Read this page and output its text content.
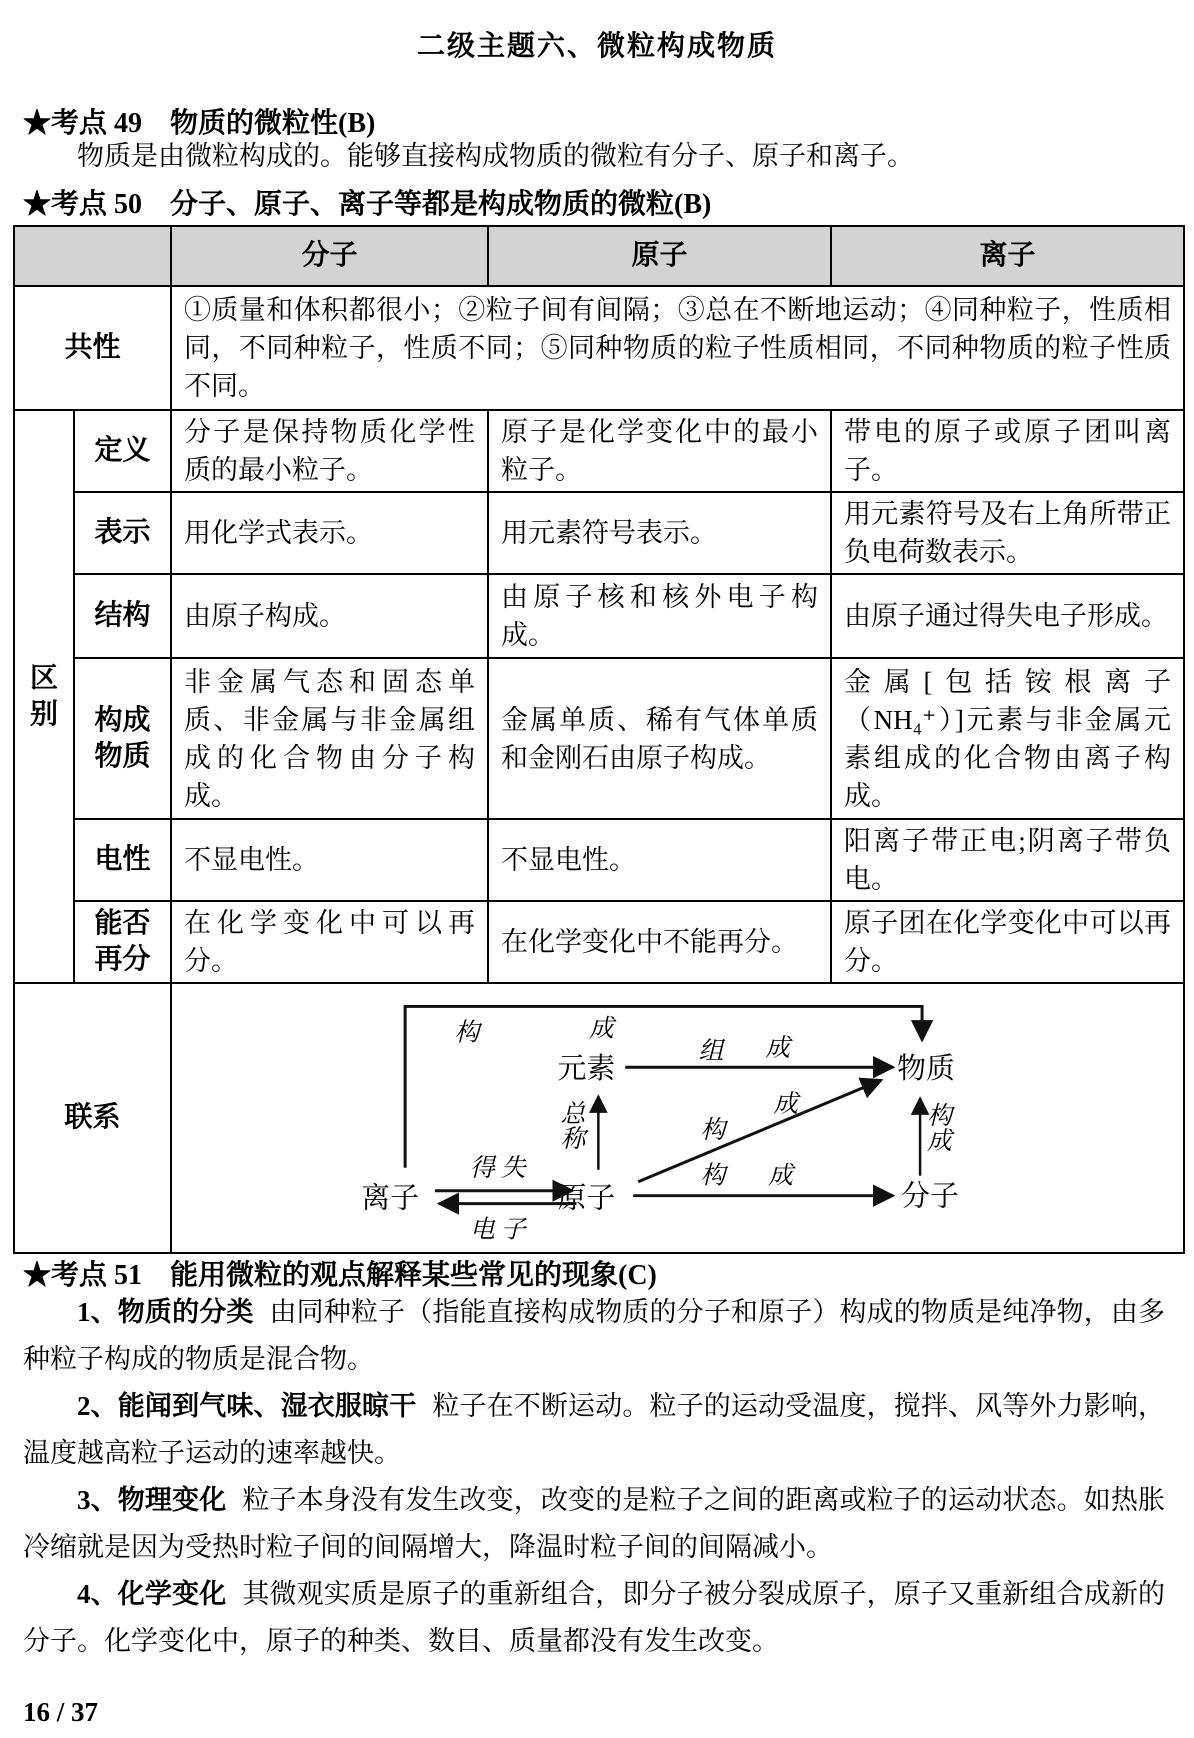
二级主题六、微粒构成物质
★考点 49　物质的微粒性(B)
物质是由微粒构成的。能够直接构成物质的微粒有分子、原子和离子。
★考点 50　分子、原子、离子等都是构成物质的微粒(B)
		分子	原子	离子
共性		①质量和体积都很小；②粒子间有间隔；③总在不断地运动；④同种粒子，性质相同，不同种粒子，性质不同；⑤同种物质的粒子性质相同，不同种物质的粒子性质不同。		
区别	定义	分子是保持物质化学性质的最小粒子。	原子是化学变化中的最小粒子。	带电的原子或原子团叫离子。
	表示	用化学式表示。	用元素符号表示。	用元素符号及右上角所带正负电荷数表示。
	结构	由原子构成。	由原子核和核外电子构成。	由原子通过得失电子形成。
	构成物质	非金属气态和固态单质、非金属与非金属组成的化合物由分子构成。	金属单质、稀有气体单质和金刚石由原子构成。	金属[包括铵根离子（NH₄⁺）]元素与非金属元素组成的化合物由离子构成。
	电性	不显电性。	不显电性。	阳离子带正电;阴离子带负电。
	能否再分	在化学变化中可以再分。	在化学变化中不能再分。	原子团在化学变化中可以再分。
联系	
构	成
元素	物质
组 成
总称	构
成
离子	原子	分子
得失
电子
构 成
构成
★考点 51　能用微粒的观点解释某些常见的现象(C)

1、物质的分类 由同种粒子（指能直接构成物质的分子和原子）构成的物质是纯净物，由多种粒子构成的物质是混合物。

2、能闻到气味、湿衣服晾干 粒子在不断运动。粒子的运动受温度，搅拌、风等外力影响，温度越高粒子运动的速率越快。

3、物理变化 粒子本身没有发生改变，改变的是粒子之间的距离或粒子的运动状态。如热胀冷缩就是因为受热时粒子间的间隔增大，降温时粒子间的间隔减小。

4、化学变化 其微观实质是原子的重新组合，即分子被分裂成原子，原子又重新组合成新的分子。化学变化中，原子的种类、数目、质量都没有发生改变。

16 / 37
